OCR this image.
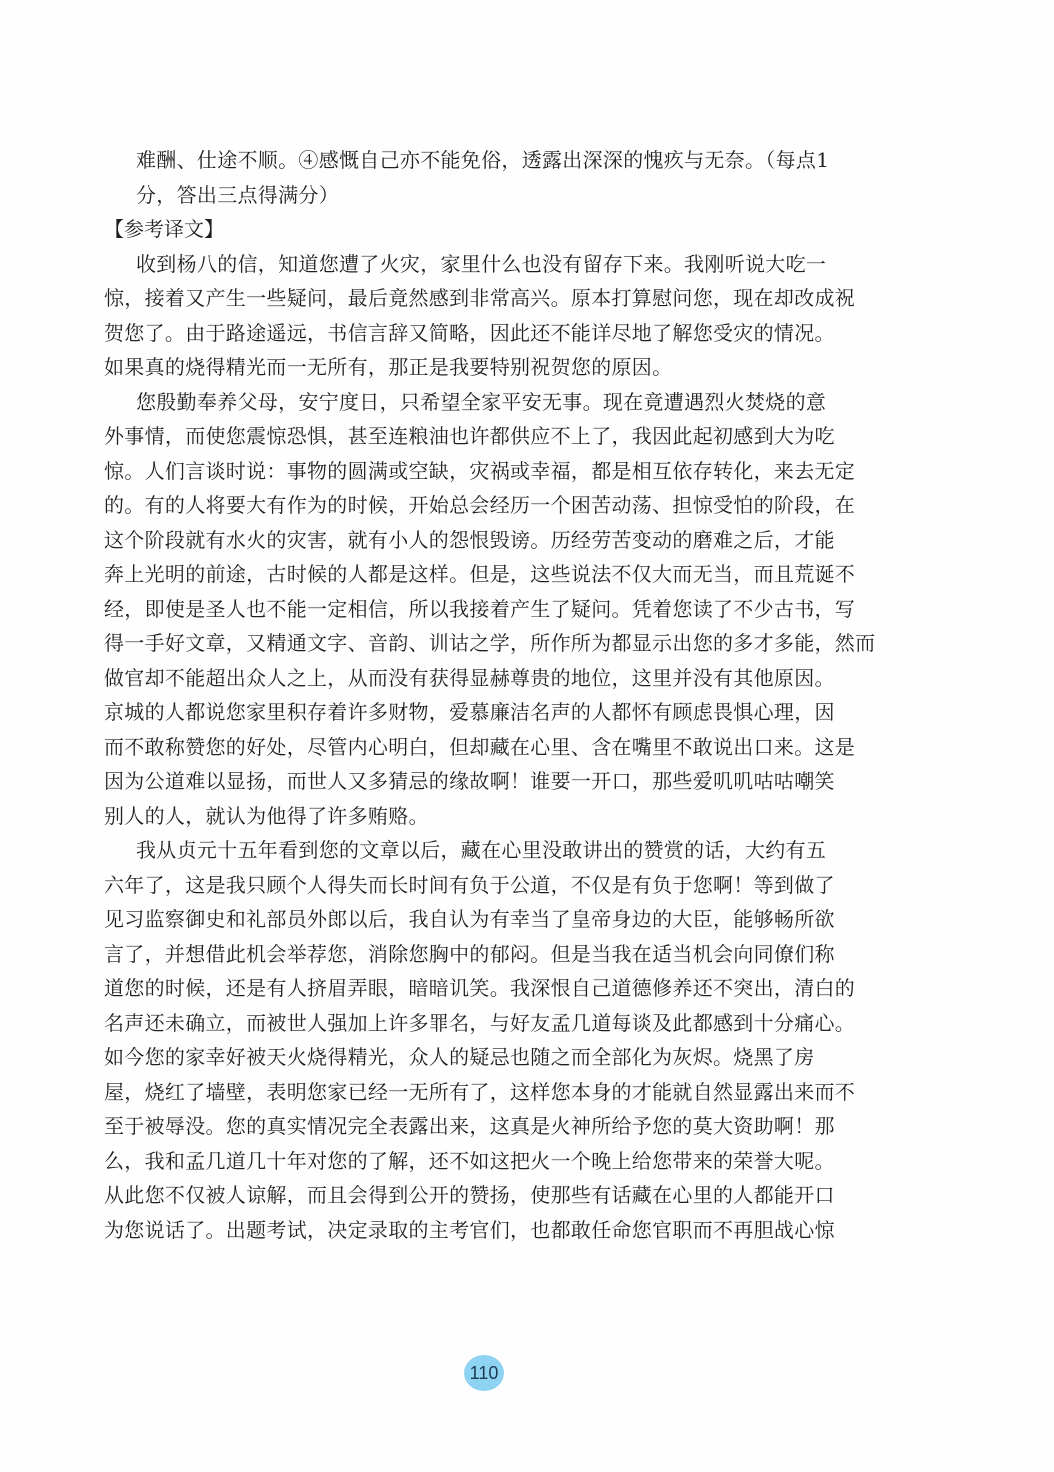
难酬、仕途不顺。④感慨自己亦不能免俗，透露出深深的愧疚与无奈。（每点1
分，答出三点得满分）
【参考译文】
收到杨八的信，知道您遭了火灾，家里什么也没有留存下来。我刚听说大吃一
惊，接着又产生一些疑问，最后竟然感到非常高兴。原本打算慰问您，现在却改成祝
贺您了。由于路途遥远，书信言辞又简略，因此还不能详尽地了解您受灾的情况。
如果真的烧得精光而一无所有，那正是我要特别祝贺您的原因。
您殷勤奉养父母，安宁度日，只希望全家平安无事。现在竟遭遇烈火焚烧的意
外事情，而使您震惊恐惧，甚至连粮油也许都供应不上了，我因此起初感到大为吃
惊。人们言谈时说：事物的圆满或空缺，灾祸或幸福，都是相互依存转化，来去无定
的。有的人将要大有作为的时候，开始总会经历一个困苦动荡、担惊受怕的阶段，在
这个阶段就有水火的灾害，就有小人的怨恨毁谤。历经劳苦变动的磨难之后，才能
奔上光明的前途，古时候的人都是这样。但是，这些说法不仅大而无当，而且荒诞不
经，即使是圣人也不能一定相信，所以我接着产生了疑问。凭着您读了不少古书，写
得一手好文章，又精通文字、音韵、训诂之学，所作所为都显示出您的多才多能，然而
做官却不能超出众人之上，从而没有获得显赫尊贵的地位，这里并没有其他原因。
京城的人都说您家里积存着许多财物，爱慕廉洁名声的人都怀有顾虑畏惧心理，因
而不敢称赞您的好处，尽管内心明白，但却藏在心里、含在嘴里不敢说出口来。这是
因为公道难以显扬，而世人又多猜忌的缘故啊！谁要一开口，那些爱叽叽咕咕嘲笑
别人的人，就认为他得了许多贿赂。
我从贞元十五年看到您的文章以后，藏在心里没敢讲出的赞赏的话，大约有五
六年了，这是我只顾个人得失而长时间有负于公道，不仅是有负于您啊！等到做了
见习监察御史和礼部员外郎以后，我自认为有幸当了皇帝身边的大臣，能够畅所欲
言了，并想借此机会举荐您，消除您胸中的郁闷。但是当我在适当机会向同僚们称
道您的时候，还是有人挤眉弄眼，暗暗讥笑。我深恨自己道德修养还不突出，清白的
名声还未确立，而被世人强加上许多罪名，与好友孟几道每谈及此都感到十分痛心。
如今您的家幸好被天火烧得精光，众人的疑忌也随之而全部化为灰烬。烧黑了房
屋，烧红了墙壁，表明您家已经一无所有了，这样您本身的才能就自然显露出来而不
至于被辱没。您的真实情况完全表露出来，这真是火神所给予您的莫大资助啊！那
么，我和孟几道几十年对您的了解，还不如这把火一个晚上给您带来的荣誉大呢。
从此您不仅被人谅解，而且会得到公开的赞扬，使那些有话藏在心里的人都能开口
为您说话了。出题考试，决定录取的主考官们，也都敢任命您官职而不再胆战心惊
110
